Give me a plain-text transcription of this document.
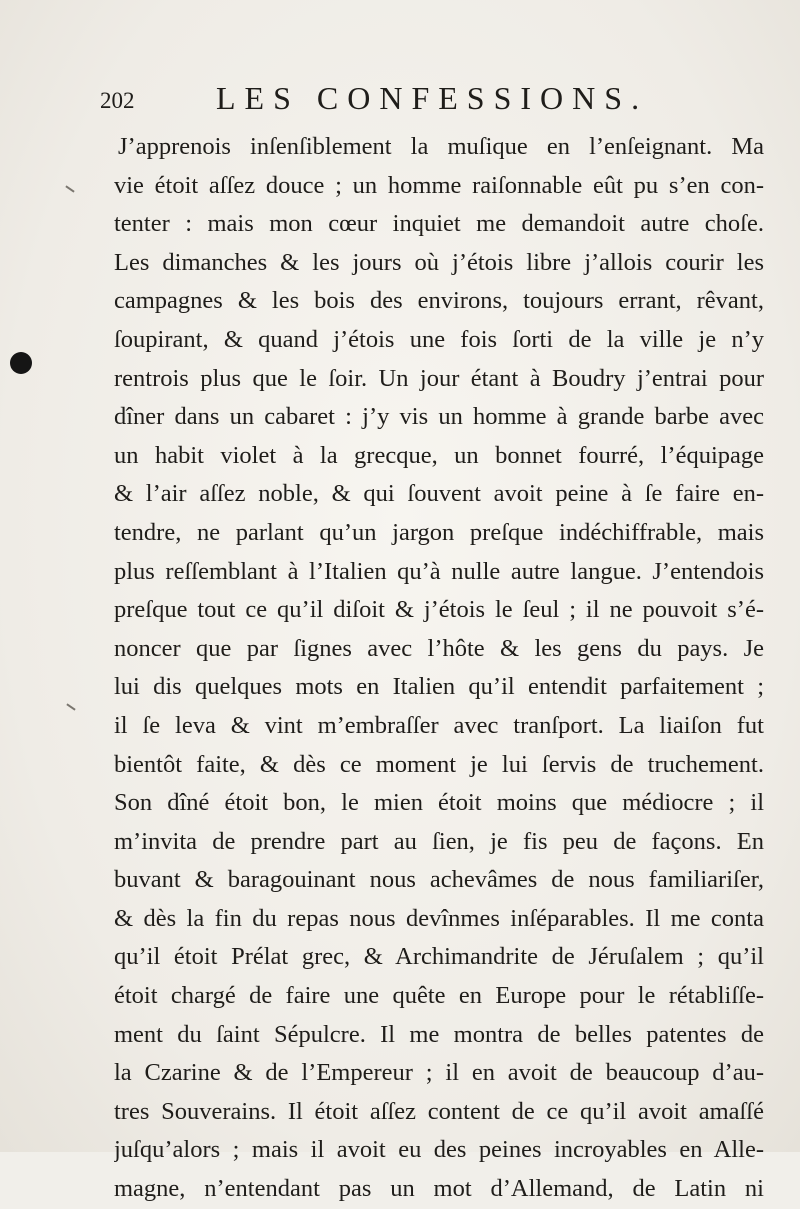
202	LES CONFESSIONS.
J’apprenois inſenſiblement la muſique en l’enſeignant. Ma
vie étoit aſſez douce ; un homme raiſonnable eût pu s’en con-
tenter : mais mon cœur inquiet me demandoit autre choſe.
Les dimanches & les jours où j’étois libre j’allois courir les
campagnes & les bois des environs, toujours errant, rêvant,
ſoupirant, & quand j’étois une fois ſorti de la ville je n’y
rentrois plus que le ſoir. Un jour étant à Boudry j’entrai pour
dîner dans un cabaret : j’y vis un homme à grande barbe avec
un habit violet à la grecque, un bonnet fourré, l’équipage
& l’air aſſez noble, & qui ſouvent avoit peine à ſe faire en-
tendre, ne parlant qu’un jargon preſque indéchiffrable, mais
plus reſſemblant à l’Italien qu’à nulle autre langue. J’entendois
preſque tout ce qu’il diſoit & j’étois le ſeul ; il ne pouvoit s’é-
noncer que par ſignes avec l’hôte & les gens du pays. Je
lui dis quelques mots en Italien qu’il entendit parfaitement ;
il ſe leva & vint m’embraſſer avec tranſport. La liaiſon fut
bientôt faite, & dès ce moment je lui ſervis de truchement.
Son dîné étoit bon, le mien étoit moins que médiocre ; il
m’invita de prendre part au ſien, je fis peu de façons. En
buvant & baragouinant nous achevâmes de nous familiariſer,
& dès la fin du repas nous devînmes inſéparables. Il me conta
qu’il étoit Prélat grec, & Archimandrite de Jéruſalem ; qu’il
étoit chargé de faire une quête en Europe pour le rétabliſſe-
ment du ſaint Sépulcre. Il me montra de belles patentes de
la Czarine & de l’Empereur ; il en avoit de beaucoup d’au-
tres Souverains. Il étoit aſſez content de ce qu’il avoit amaſſé
juſqu’alors ; mais il avoit eu des peines incroyables en Alle-
magne, n’entendant pas un mot d’Allemand, de Latin ni
